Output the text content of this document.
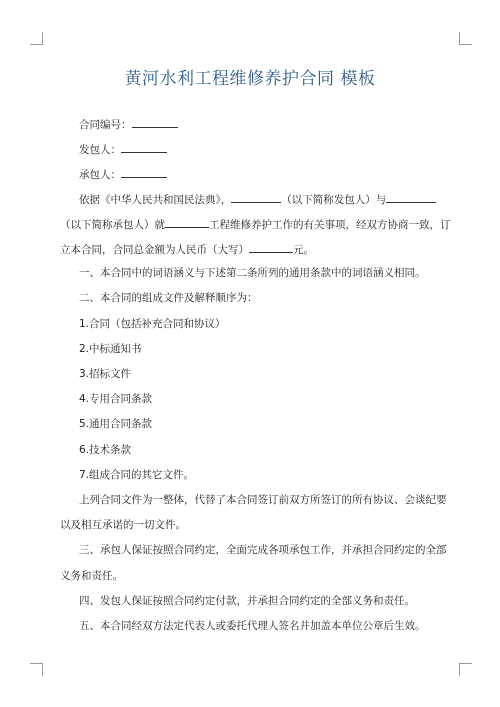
黄河水利工程维修养护合同 模板
合同编号：
发包人：
承包人：
依据《中华人民共和国民法典》，	（以下简称发包人）与
（以下简称承包人）就	工程维修养护工作的有关事项，经双方协商一致，订
立本合同，合同总金额为人民币（大写）	元。
一、本合同中的词语涵义与下述第二条所列的通用条款中的词语涵义相同。
二、本合同的组成文件及解释顺序为：
1.合同（包括补充合同和协议）
2.中标通知书
3.招标文件
4.专用合同条款
5.通用合同条款
6.技术条款
7.组成合同的其它文件。
上列合同文件为一整体，代替了本合同签订前双方所签订的所有协议、会谈纪要
以及相互承诺的一切文件。
三、承包人保证按照合同约定，全面完成各项承包工作，并承担合同约定的全部
义务和责任。
四、发包人保证按照合同约定付款，并承担合同约定的全部义务和责任。
五、本合同经双方法定代表人或委托代理人签名并加盖本单位公章后生效。
